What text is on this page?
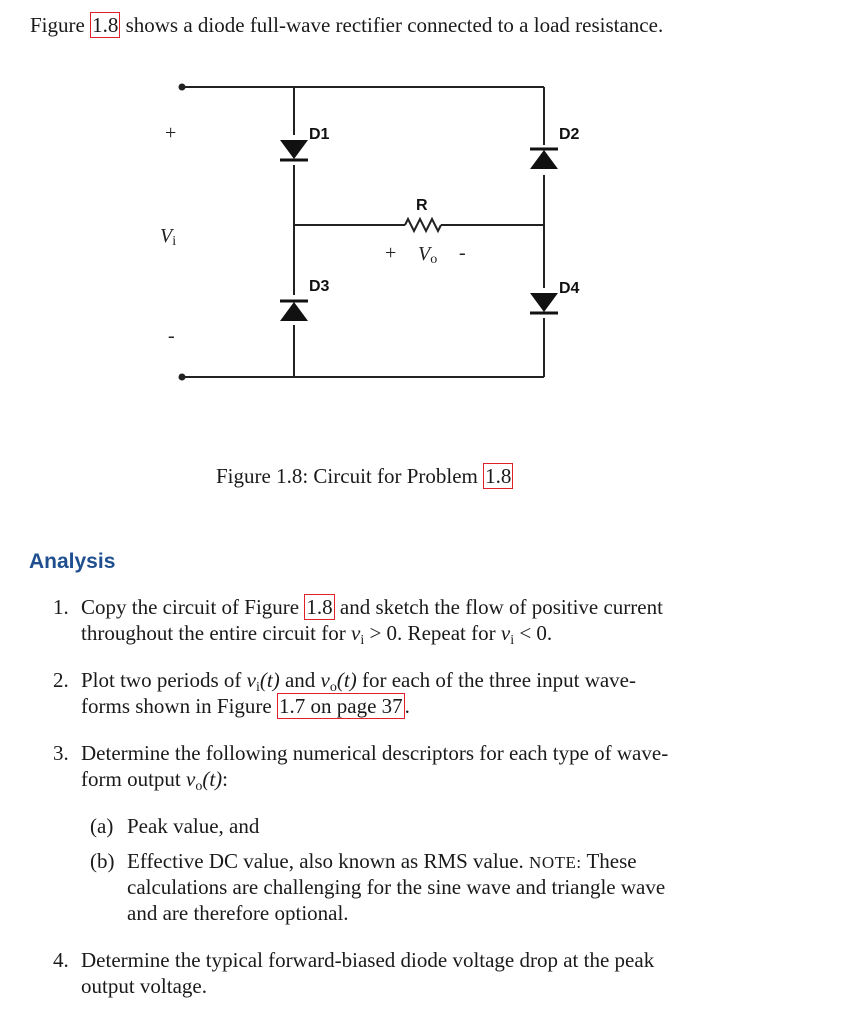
Figure 1.8 shows a diode full-wave rectifier connected to a load resistance.
+
Vi
-
D1	D2
D3	D4
R
+ Vo -
Figure 1.8: Circuit for Problem 1.8
Analysis
1. Copy the circuit of Figure 1.8 and sketch the flow of positive current
throughout the entire circuit for $v_i > 0$. Repeat for $v_i < 0$.
2. Plot two periods of $v_i(t)$ and $v_o(t)$ for each of the three input wave-
forms shown in Figure 1.7 on page 37.
3. Determine the following numerical descriptors for each type of wave-
form output $v_o(t)$:
(a) Peak value, and
(b) Effective DC value, also known as RMS value. NOTE: These
calculations are challenging for the sine wave and triangle wave
and are therefore optional.
4. Determine the typical forward-biased diode voltage drop at the peak
output voltage.
